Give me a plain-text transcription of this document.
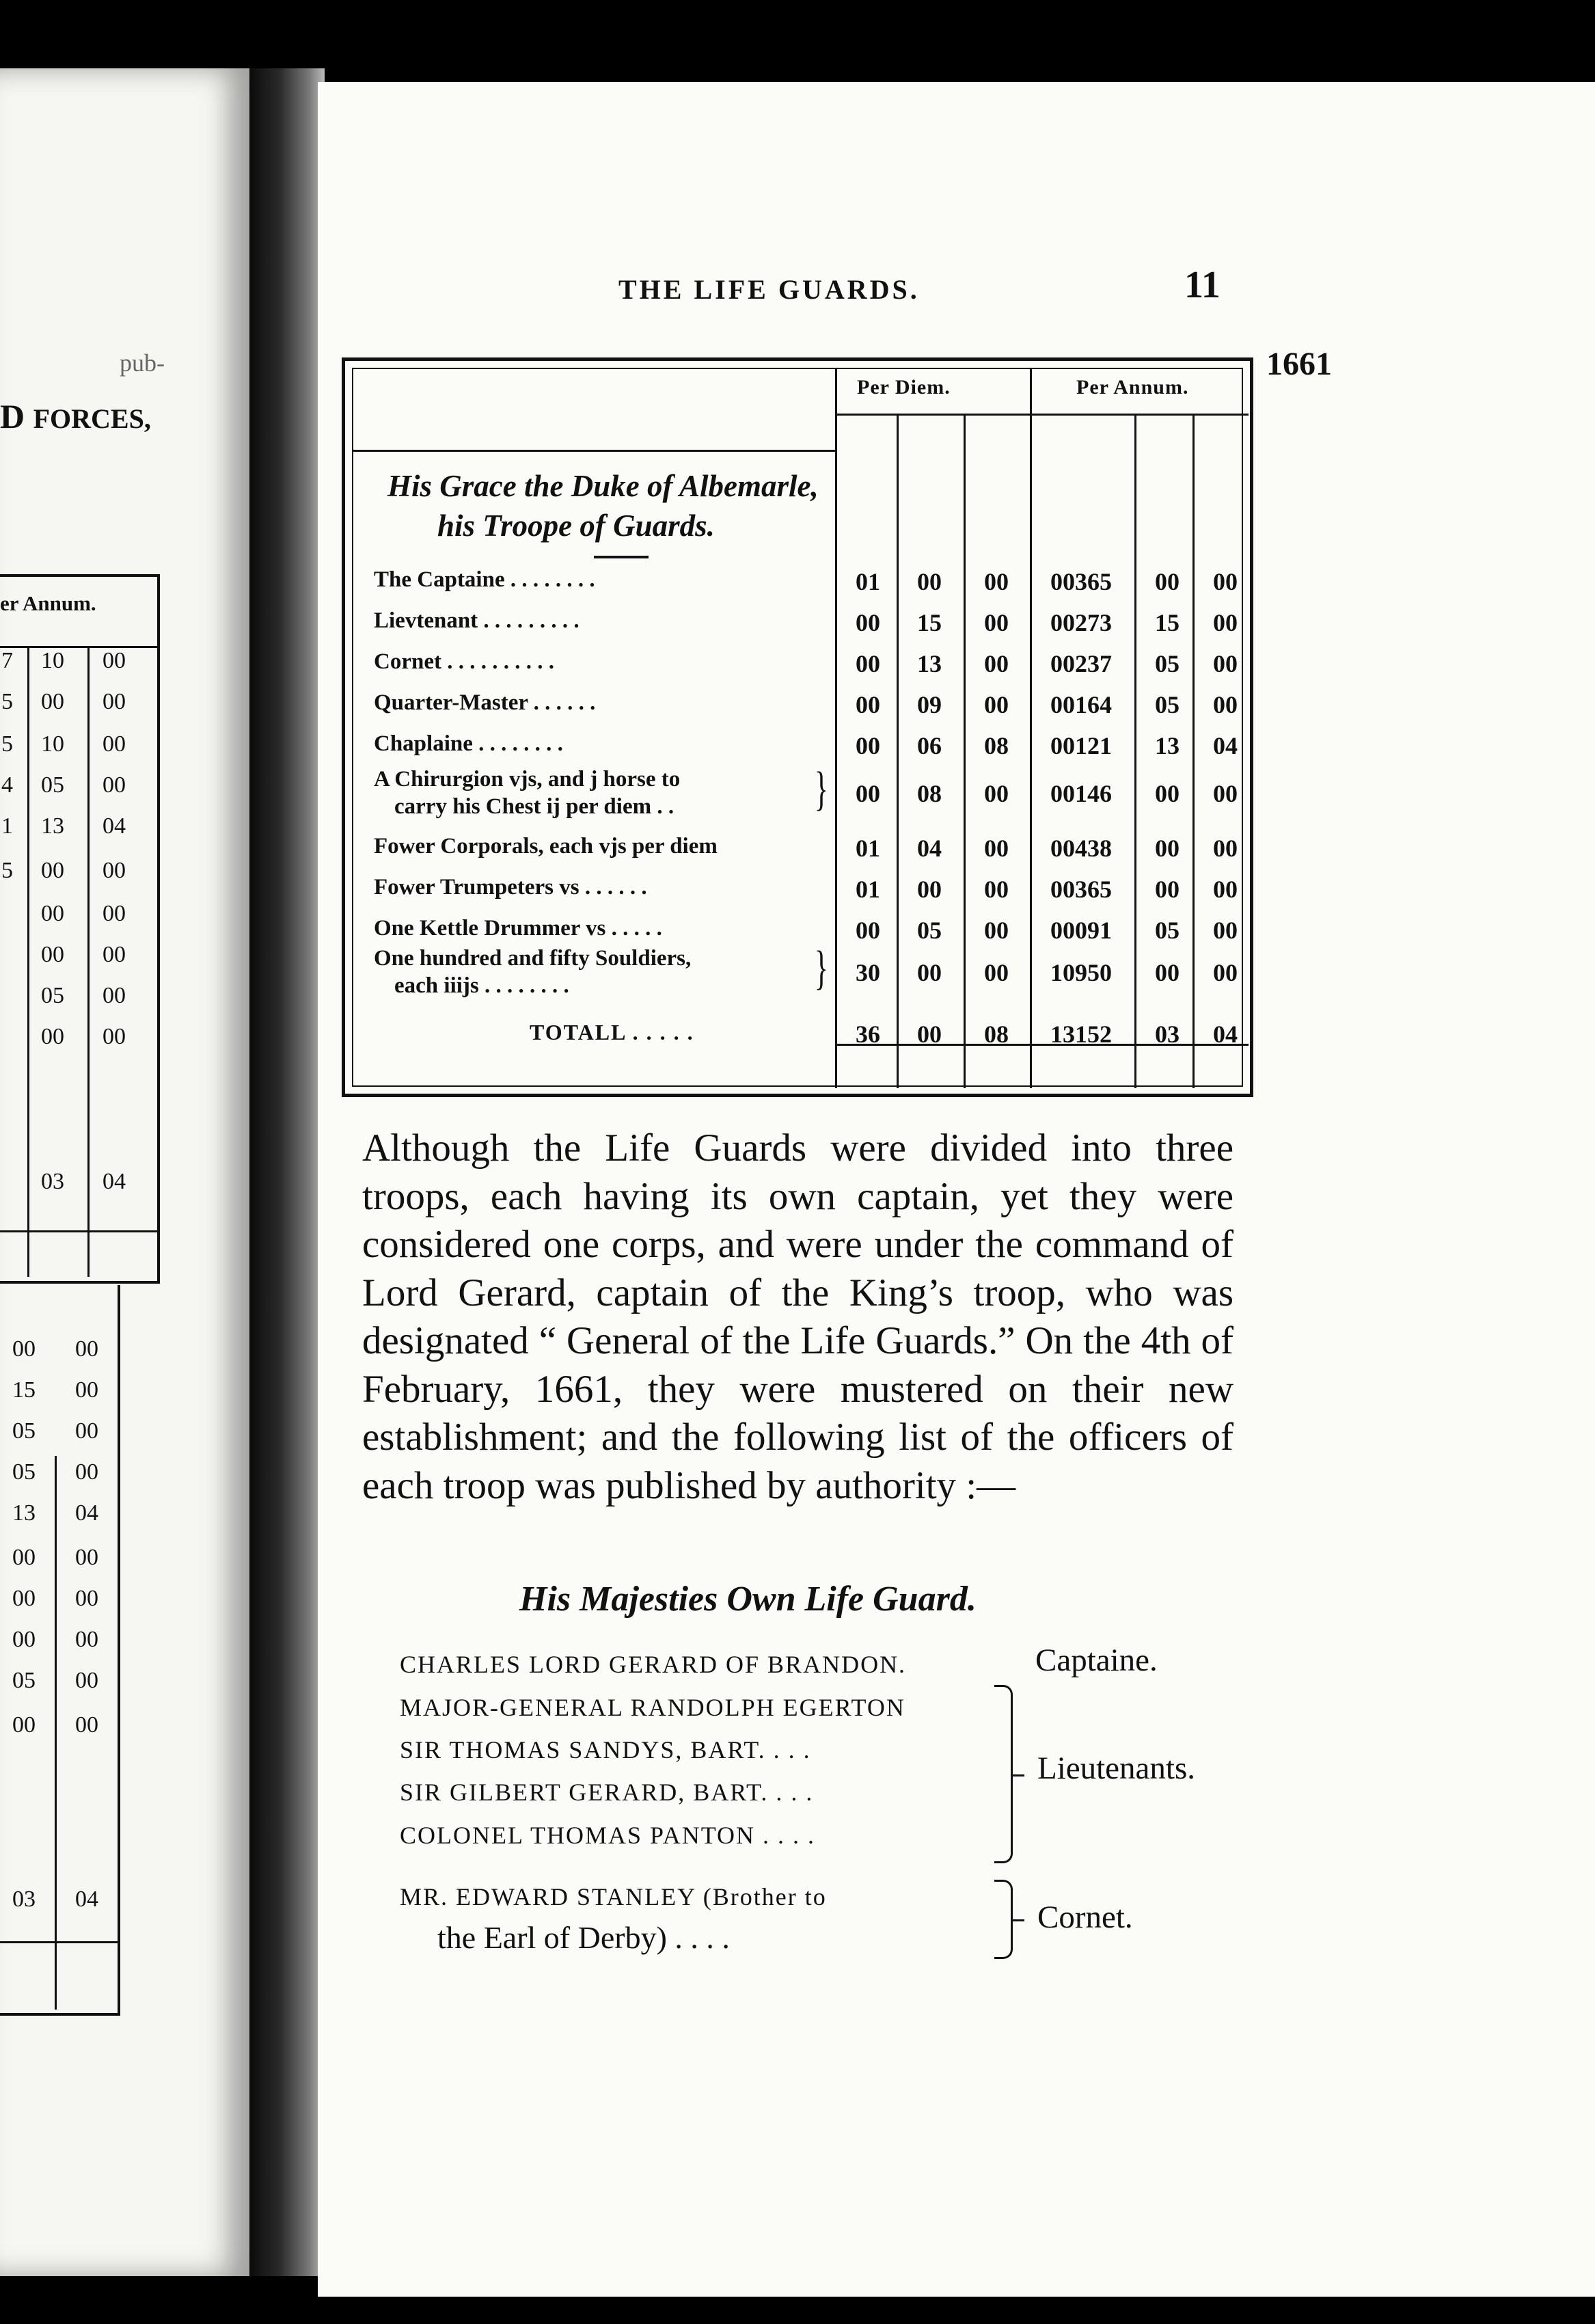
pub-
D FORCES,
er Annum.
7 10 00
5 00 00
5 10 00
4 05 00
1 13 04
5 00 00
00 00
00 00
05 00
00 00
03 04
00 00
15 00
05 00
05 00
13 04
00 00
00 00
00 00
05 00
00 00
03 04
THE LIFE GUARDS.	11
1661
Per Diem.	Per Annum.
His Grace the Duke of Albemarle,
his Troope of Guards.
The Captaine . . . . . . . .	01	00	00	00365	00	00
Lievtenant . . . . . . . . .	00	15	00	00273	15	00
Cornet . . . . . . . . . .	00	13	00	00237	05	00
Quarter-Master . . . . . .	00	09	00	00164	05	00
Chaplaine . . . . . . . .	00	06	08	00121	13	04
A Chirurgion vjs, and j horse to
carry his Chest ij per diem . .	}	00	08	00	00146	00	00
Fower Corporals, each vjs per diem	01	04	00	00438	00	00
Fower Trumpeters vs . . . . . .	01	00	00	00365	00	00
One Kettle Drummer vs . . . . .	00	05	00	00091	05	00
One hundred and fifty Souldiers,
each iiijs . . . . . . . .	}	30	00	00	10950	00	00
TOTALL . . . . .	36	00	08	13152	03	04
Although the Life Guards were divided into three troops, each having its own captain, yet they were considered one corps, and were under the command of Lord Gerard, captain of the King’s troop, who was designated “ General of the Life Guards.” On the 4th of February, 1661, they were mustered on their new establishment; and the following list of the officers of each troop was published by authority :—
His Majesties Own Life Guard.
CHARLES LORD GERARD OF BRANDON.	Captaine.
MAJOR-GENERAL RANDOLPH EGERTON
SIR THOMAS SANDYS, BART. . . .
SIR GILBERT GERARD, BART. . . .
COLONEL THOMAS PANTON . . . .
Lieutenants.
MR. EDWARD STANLEY (Brother to
the Earl of Derby) . . . .
Cornet.
